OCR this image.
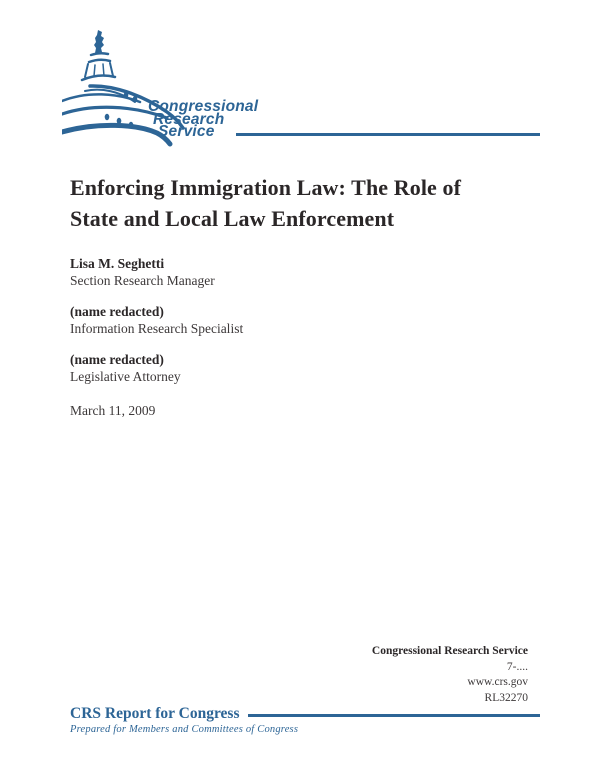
Congressional
Research
Service
Enforcing Immigration Law: The Role of
State and Local Law Enforcement
Lisa M. Seghetti
Section Research Manager
(name redacted)
Information Research Specialist
(name redacted)
Legislative Attorney
March 11, 2009
Congressional Research Service
7-....
www.crs.gov
RL32270
CRS Report for Congress
Prepared for Members and Committees of Congress
